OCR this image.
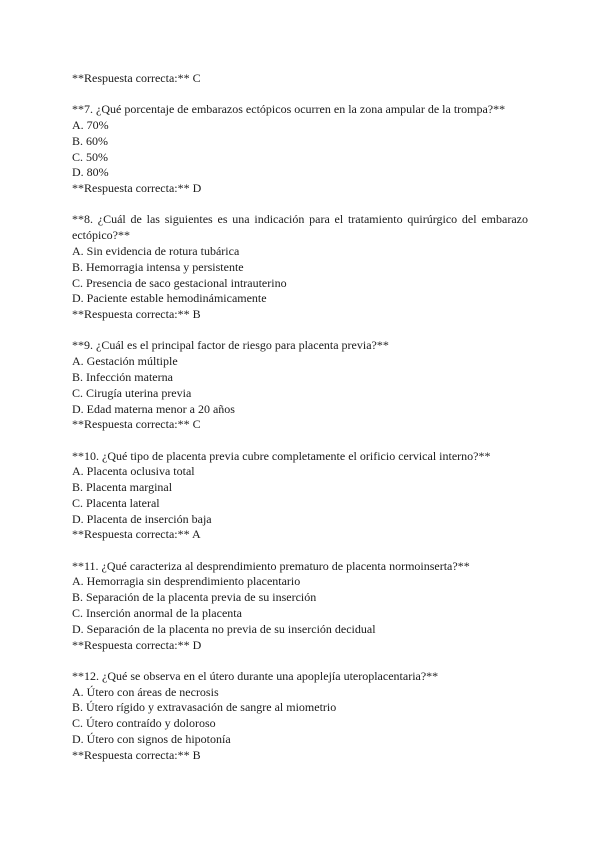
**Respuesta correcta:** C
**7. ¿Qué porcentaje de embarazos ectópicos ocurren en la zona ampular de la trompa?**
A. 70%
B. 60%
C. 50%
D. 80%
**Respuesta correcta:** D
**8. ¿Cuál de las siguientes es una indicación para el tratamiento quirúrgico del embarazo ectópico?**
A. Sin evidencia de rotura tubárica
B. Hemorragia intensa y persistente
C. Presencia de saco gestacional intrauterino
D. Paciente estable hemodinámicamente
**Respuesta correcta:** B
**9. ¿Cuál es el principal factor de riesgo para placenta previa?**
A. Gestación múltiple
B. Infección materna
C. Cirugía uterina previa
D. Edad materna menor a 20 años
**Respuesta correcta:** C
**10. ¿Qué tipo de placenta previa cubre completamente el orificio cervical interno?**
A. Placenta oclusiva total
B. Placenta marginal
C. Placenta lateral
D. Placenta de inserción baja
**Respuesta correcta:** A
**11. ¿Qué caracteriza al desprendimiento prematuro de placenta normoinserta?**
A. Hemorragia sin desprendimiento placentario
B. Separación de la placenta previa de su inserción
C. Inserción anormal de la placenta
D. Separación de la placenta no previa de su inserción decidual
**Respuesta correcta:** D
**12. ¿Qué se observa en el útero durante una apoplejía uteroplacentaria?**
A. Útero con áreas de necrosis
B. Útero rígido y extravasación de sangre al miometrio
C. Útero contraído y doloroso
D. Útero con signos de hipotonía
**Respuesta correcta:** B
